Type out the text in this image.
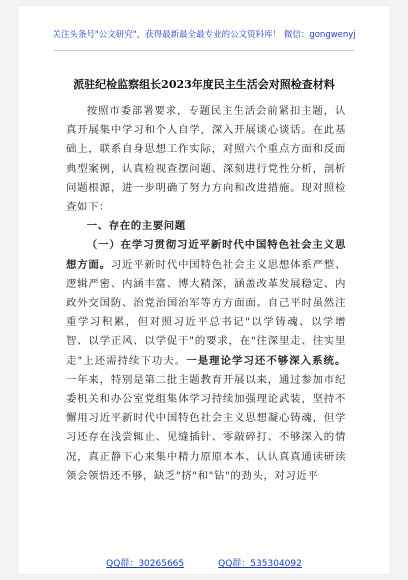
关注头条号"公文研究"，获得最新最全最专业的公文资料库！ 微信：gongwenyj
派驻纪检监察组长2023年度民主生活会对照检查材料

按照市委部署要求，专题民主生活会前紧扣主题，认真开展集中学习和个人自学，深入开展谈心谈话。在此基础上，联系自身思想工作实际，对照六个重点方面和反面典型案例，认真检视查摆问题、深刻进行党性分析，剖析问题根源，进一步明确了努力方向和改进措施。现对照检查如下：

一、存在的主要问题

（一）在学习贯彻习近平新时代中国特色社会主义思想方面。习近平新时代中国特色社会主义思想体系严整、逻辑严密、内涵丰富、博大精深，涵盖改革发展稳定、内政外交国防、治党治国治军等方方面面。自己平时虽然注重学习积累，但对照习近平总书记"以学铸魂、以学增智、以学正风、以学促干"的要求，在"往深里走、往实里走"上还需持续下功夫。一是理论学习还不够深入系统。一年来，特别是第二批主题教育开展以来，通过参加市纪委机关和办公室党组集体学习持续加强理论武装，坚持不懈用习近平新时代中国特色社会主义思想凝心铸魂，但学习还存在浅尝辄止、见缝插针、零敲碎打、不够深入的情况，真正静下心来集中精力原原本本、认认真真通读研读领会领悟还不够，缺乏"挤"和"钻"的劲头，对习近平

QQ群：30265665	QQ群：535304092
